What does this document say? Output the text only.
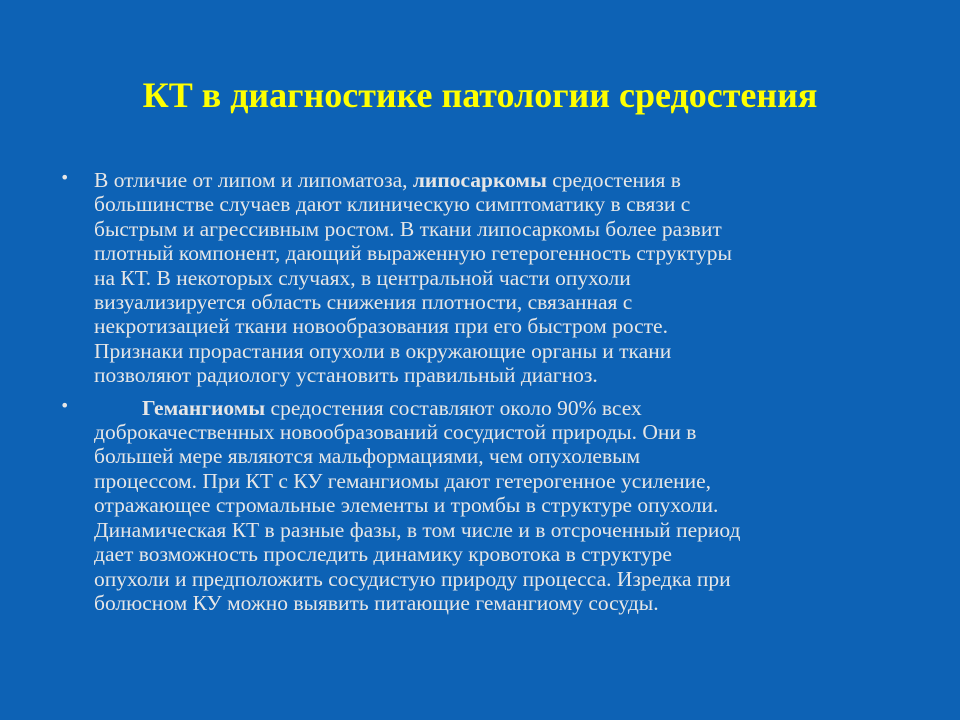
КТ в диагностике патологии средостения
• В отличие от липом и липоматоза, липосаркомы средостения в
большинстве случаев дают клиническую симптоматику в связи с
быстрым и агрессивным ростом. В ткани липосаркомы более развит
плотный компонент, дающий выраженную гетерогенность структуры
на КТ. В некоторых случаях, в центральной части опухоли
визуализируется область снижения плотности, связанная с
некротизацией ткани новообразования при его быстром росте.
Признаки прорастания опухоли в окружающие органы и ткани
позволяют радиологу установить правильный диагноз.
•	Гемангиомы средостения составляют около 90% всех
доброкачественных новообразований сосудистой природы. Они в
большей мере являются мальформациями, чем опухолевым
процессом. При КТ с КУ гемангиомы дают гетерогенное усиление,
отражающее стромальные элементы и тромбы в структуре опухоли.
Динамическая КТ в разные фазы, в том числе и в отсроченный период
дает возможность проследить динамику кровотока в структуре
опухоли и предположить сосудистую природу процесса. Изредка при
болюсном КУ можно выявить питающие гемангиому сосуды.
